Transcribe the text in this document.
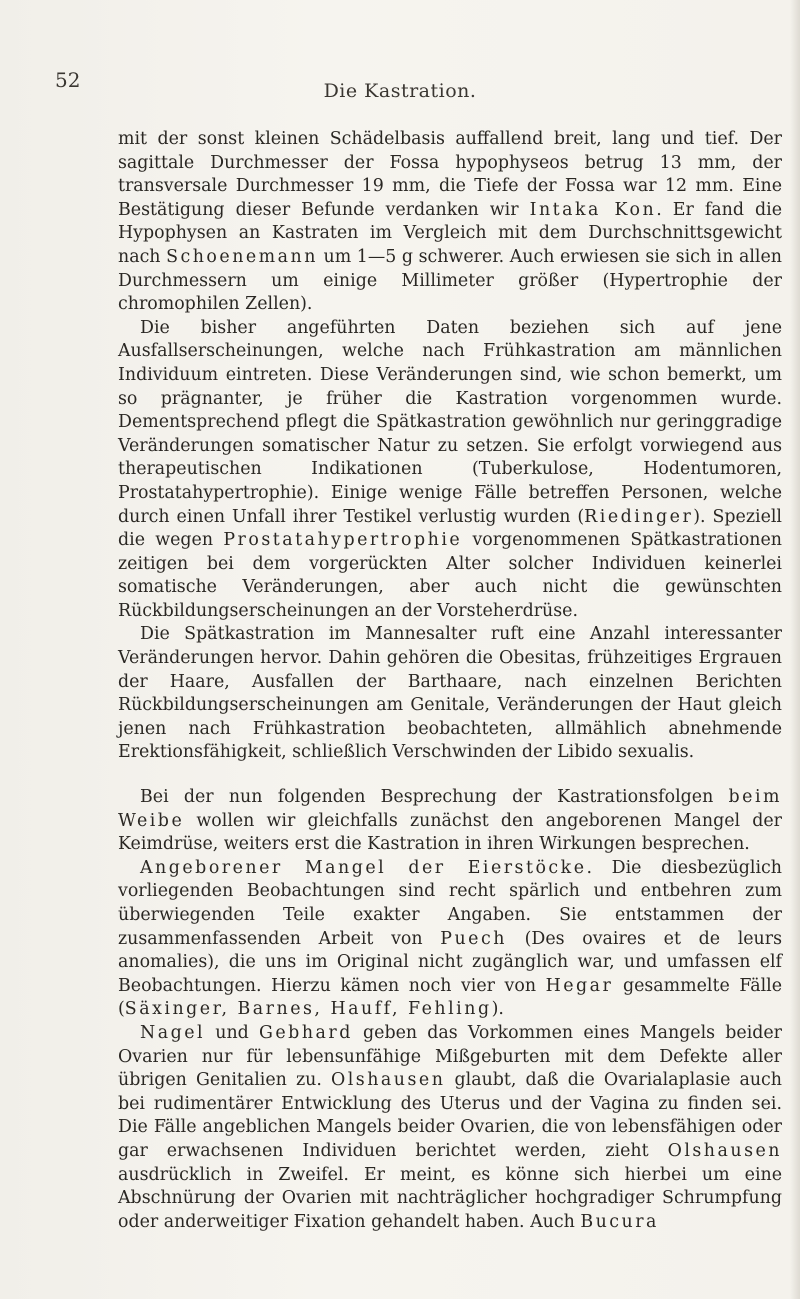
52	Die Kastration.

mit der sonst kleinen Schädelbasis auffallend breit, lang und tief. Der sagittale Durchmesser der Fossa hypophyseos betrug 13 mm, der transversale Durchmesser 19 mm, die Tiefe der Fossa war 12 mm. Eine Bestätigung dieser Befunde verdanken wir Intaka Kon. Er fand die Hypophysen an Kastraten im Vergleich mit dem Durchschnittsgewicht nach Schoenemann um 1—5 g schwerer. Auch erwiesen sie sich in allen Durchmessern um einige Millimeter größer (Hypertrophie der chromophilen Zellen).

Die bisher angeführten Daten beziehen sich auf jene Ausfallserscheinungen, welche nach Frühkastration am männlichen Individuum eintreten. Diese Veränderungen sind, wie schon bemerkt, um so prägnanter, je früher die Kastration vorgenommen wurde. Dementsprechend pflegt die Spätkastration gewöhnlich nur geringgradige Veränderungen somatischer Natur zu setzen. Sie erfolgt vorwiegend aus therapeutischen Indikationen (Tuberkulose, Hodentumoren, Prostatahypertrophie). Einige wenige Fälle betreffen Personen, welche durch einen Unfall ihrer Testikel verlustig wurden (Riedinger). Speziell die wegen Prostatahypertrophie vorgenommenen Spätkastrationen zeitigen bei dem vorgerückten Alter solcher Individuen keinerlei somatische Veränderungen, aber auch nicht die gewünschten Rückbildungserscheinungen an der Vorsteherdrüse.

Die Spätkastration im Mannesalter ruft eine Anzahl interessanter Veränderungen hervor. Dahin gehören die Obesitas, frühzeitiges Ergrauen der Haare, Ausfallen der Barthaare, nach einzelnen Berichten Rückbildungserscheinungen am Genitale, Veränderungen der Haut gleich jenen nach Frühkastration beobachteten, allmählich abnehmende Erektionsfähigkeit, schließlich Verschwinden der Libido sexualis.

Bei der nun folgenden Besprechung der Kastrationsfolgen beim Weibe wollen wir gleichfalls zunächst den angeborenen Mangel der Keimdrüse, weiters erst die Kastration in ihren Wirkungen besprechen.

Angeborener Mangel der Eierstöcke. Die diesbezüglich vorliegenden Beobachtungen sind recht spärlich und entbehren zum überwiegenden Teile exakter Angaben. Sie entstammen der zusammenfassenden Arbeit von Puech (Des ovaires et de leurs anomalies), die uns im Original nicht zugänglich war, und umfassen elf Beobachtungen. Hierzu kämen noch vier von Hegar gesammelte Fälle (Säxinger, Barnes, Hauff, Fehling).

Nagel und Gebhard geben das Vorkommen eines Mangels beider Ovarien nur für lebensunfähige Mißgeburten mit dem Defekte aller übrigen Genitalien zu. Olshausen glaubt, daß die Ovarialaplasie auch bei rudimentärer Entwicklung des Uterus und der Vagina zu finden sei. Die Fälle angeblichen Mangels beider Ovarien, die von lebensfähigen oder gar erwachsenen Individuen berichtet werden, zieht Olshausen ausdrücklich in Zweifel. Er meint, es könne sich hierbei um eine Abschnürung der Ovarien mit nachträglicher hochgradiger Schrumpfung oder anderweitiger Fixation gehandelt haben. Auch Bucura
